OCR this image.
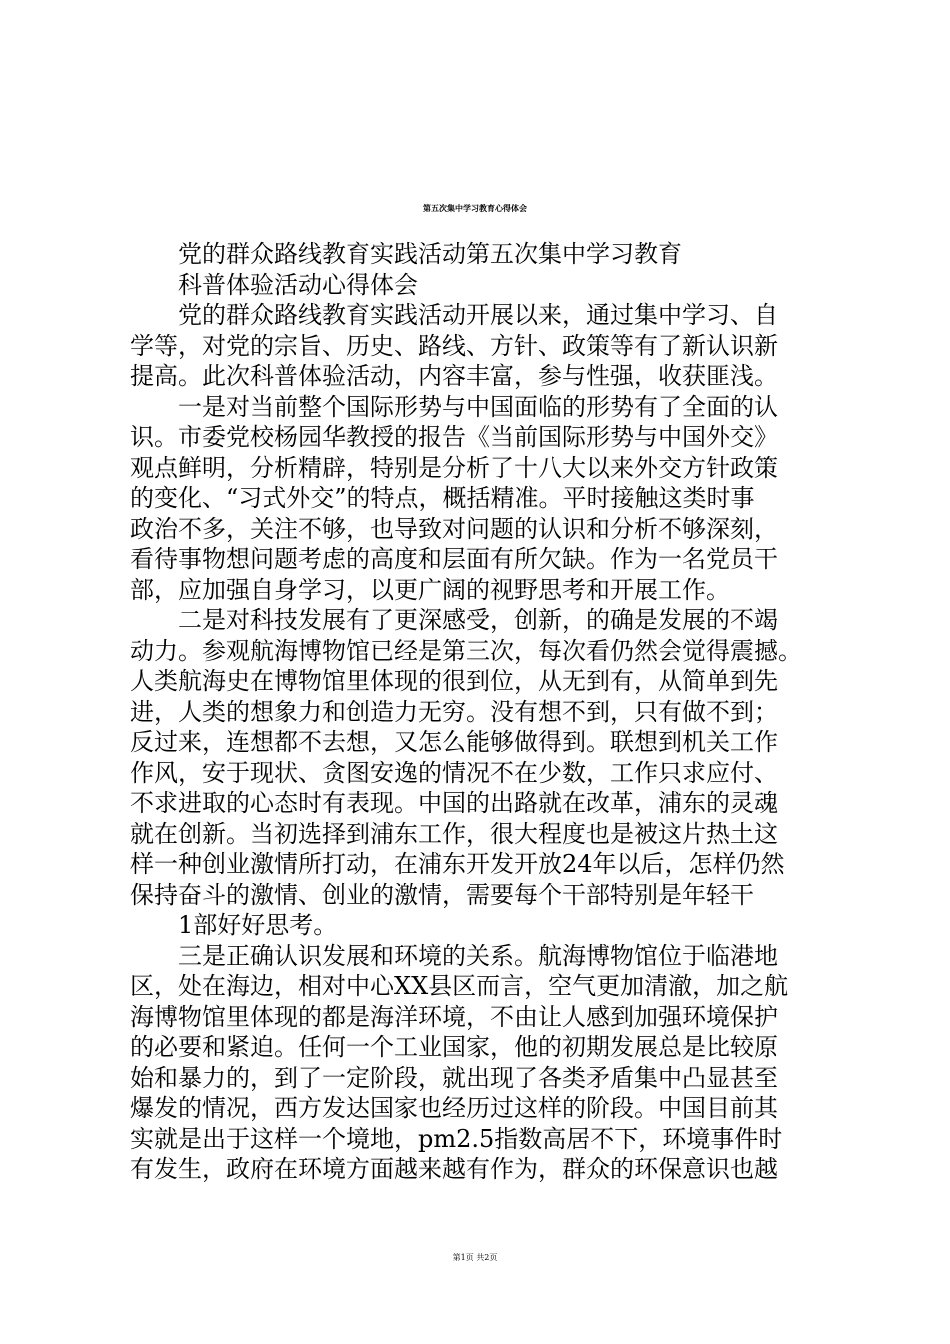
第五次集中学习教育心得体会
党的群众路线教育实践活动第五次集中学习教育
科普体验活动心得体会
党的群众路线教育实践活动开展以来，通过集中学习、自
学等，对党的宗旨、历史、路线、方针、政策等有了新认识新
提高。此次科普体验活动，内容丰富，参与性强，收获匪浅。
一是对当前整个国际形势与中国面临的形势有了全面的认
识。市委党校杨园华教授的报告《当前国际形势与中国外交》
观点鲜明，分析精辟，特别是分析了十八大以来外交方针政策
的变化、“习式外交”的特点，概括精准。平时接触这类时事
政治不多，关注不够，也导致对问题的认识和分析不够深刻，
看待事物想问题考虑的高度和层面有所欠缺。作为一名党员干
部，应加强自身学习，以更广阔的视野思考和开展工作。
二是对科技发展有了更深感受，创新，的确是发展的不竭
动力。参观航海博物馆已经是第三次，每次看仍然会觉得震撼。
人类航海史在博物馆里体现的很到位，从无到有，从简单到先
进，人类的想象力和创造力无穷。没有想不到，只有做不到；
反过来，连想都不去想，又怎么能够做得到。联想到机关工作
作风，安于现状、贪图安逸的情况不在少数，工作只求应付、
不求进取的心态时有表现。中国的出路就在改革，浦东的灵魂
就在创新。当初选择到浦东工作，很大程度也是被这片热土这
样一种创业激情所打动，在浦东开发开放24年以后，怎样仍然
保持奋斗的激情、创业的激情，需要每个干部特别是年轻干
1部好好思考。
三是正确认识发展和环境的关系。航海博物馆位于临港地
区，处在海边，相对中心XX县区而言，空气更加清澈，加之航
海博物馆里体现的都是海洋环境，不由让人感到加强环境保护
的必要和紧迫。任何一个工业国家，他的初期发展总是比较原
始和暴力的，到了一定阶段，就出现了各类矛盾集中凸显甚至
爆发的情况，西方发达国家也经历过这样的阶段。中国目前其
实就是出于这样一个境地，pm2.5指数高居不下，环境事件时
有发生，政府在环境方面越来越有作为，群众的环保意识也越
第1页 共2页
